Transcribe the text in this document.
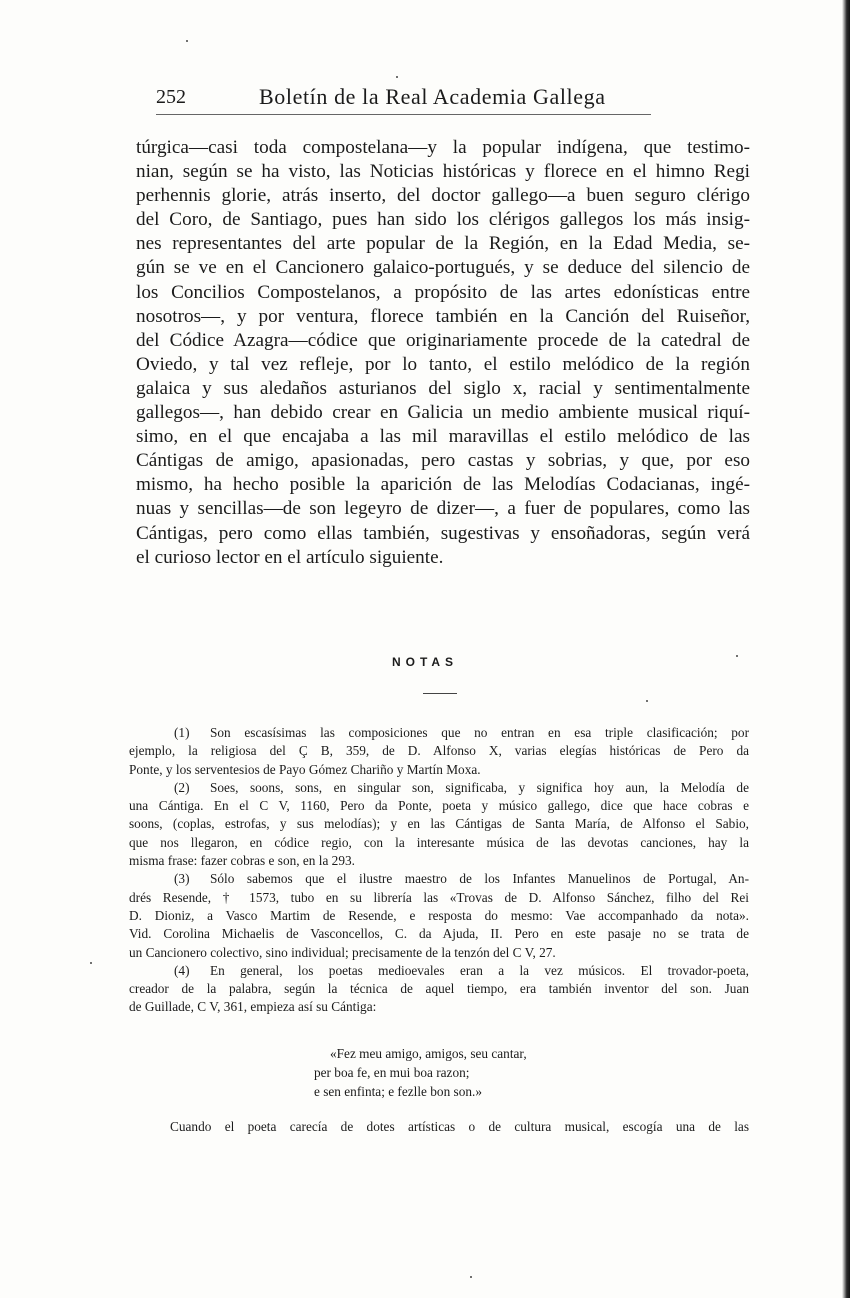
252	Boletín de la Real Academia Gallega
túrgica—casi toda compostelana—y la popular indígena, que testimo-
nian, según se ha visto, las Noticias históricas y florece en el himno Regi
perhennis glorie, atrás inserto, del doctor gallego—a buen seguro clérigo
del Coro, de Santiago, pues han sido los clérigos gallegos los más insig-
nes representantes del arte popular de la Región, en la Edad Media, se-
gún se ve en el Cancionero galaico-portugués, y se deduce del silencio de
los Concilios Compostelanos, a propósito de las artes edonísticas entre
nosotros—, y por ventura, florece también en la Canción del Ruiseñor,
del Códice Azagra—códice que originariamente procede de la catedral de
Oviedo, y tal vez refleje, por lo tanto, el estilo melódico de la región
galaica y sus aledaños asturianos del siglo x, racial y sentimentalmente
gallegos—, han debido crear en Galicia un medio ambiente musical riquí-
simo, en el que encajaba a las mil maravillas el estilo melódico de las
Cántigas de amigo, apasionadas, pero castas y sobrias, y que, por eso
mismo, ha hecho posible la aparición de las Melodías Codacianas, ingé-
nuas y sencillas—de son legeyro de dizer—, a fuer de populares, como las
Cántigas, pero como ellas también, sugestivas y ensoñadoras, según verá
el curioso lector en el artículo siguiente.
NOTAS
(1) Son escasísimas las composiciones que no entran en esa triple clasificación; por
ejemplo, la religiosa del Ç B, 359, de D. Alfonso X, varias elegías históricas de Pero da
Ponte, y los serventesios de Payo Gómez Chariño y Martín Moxa.
(2) Soes, soons, sons, en singular son, significaba, y significa hoy aun, la Melodía de
una Cántiga. En el C V, 1160, Pero da Ponte, poeta y músico gallego, dice que hace cobras e
soons, (coplas, estrofas, y sus melodías); y en las Cántigas de Santa María, de Alfonso el Sabio,
que nos llegaron, en códice regio, con la interesante música de las devotas canciones, hay la
misma frase: fazer cobras e son, en la 293.
(3) Sólo sabemos que el ilustre maestro de los Infantes Manuelinos de Portugal, An-
drés Resende, † 1573, tubo en su librería las «Trovas de D. Alfonso Sánchez, filho del Rei
D. Dioniz, a Vasco Martim de Resende, e resposta do mesmo: Vae accompanhado da nota».
Vid. Corolina Michaelis de Vasconcellos, C. da Ajuda, II. Pero en este pasaje no se trata de
un Cancionero colectivo, sino individual; precisamente de la tenzón del C V, 27.
(4) En general, los poetas medioevales eran a la vez músicos. El trovador-poeta,
creador de la palabra, según la técnica de aquel tiempo, era también inventor del son. Juan
de Guillade, C V, 361, empieza así su Cántiga:
«Fez meu amigo, amigos, seu cantar,
per boa fe, en mui boa razon;
e sen enfinta; e fezlle bon son.»
Cuando el poeta carecía de dotes artísticas o de cultura musical, escogía una de las
